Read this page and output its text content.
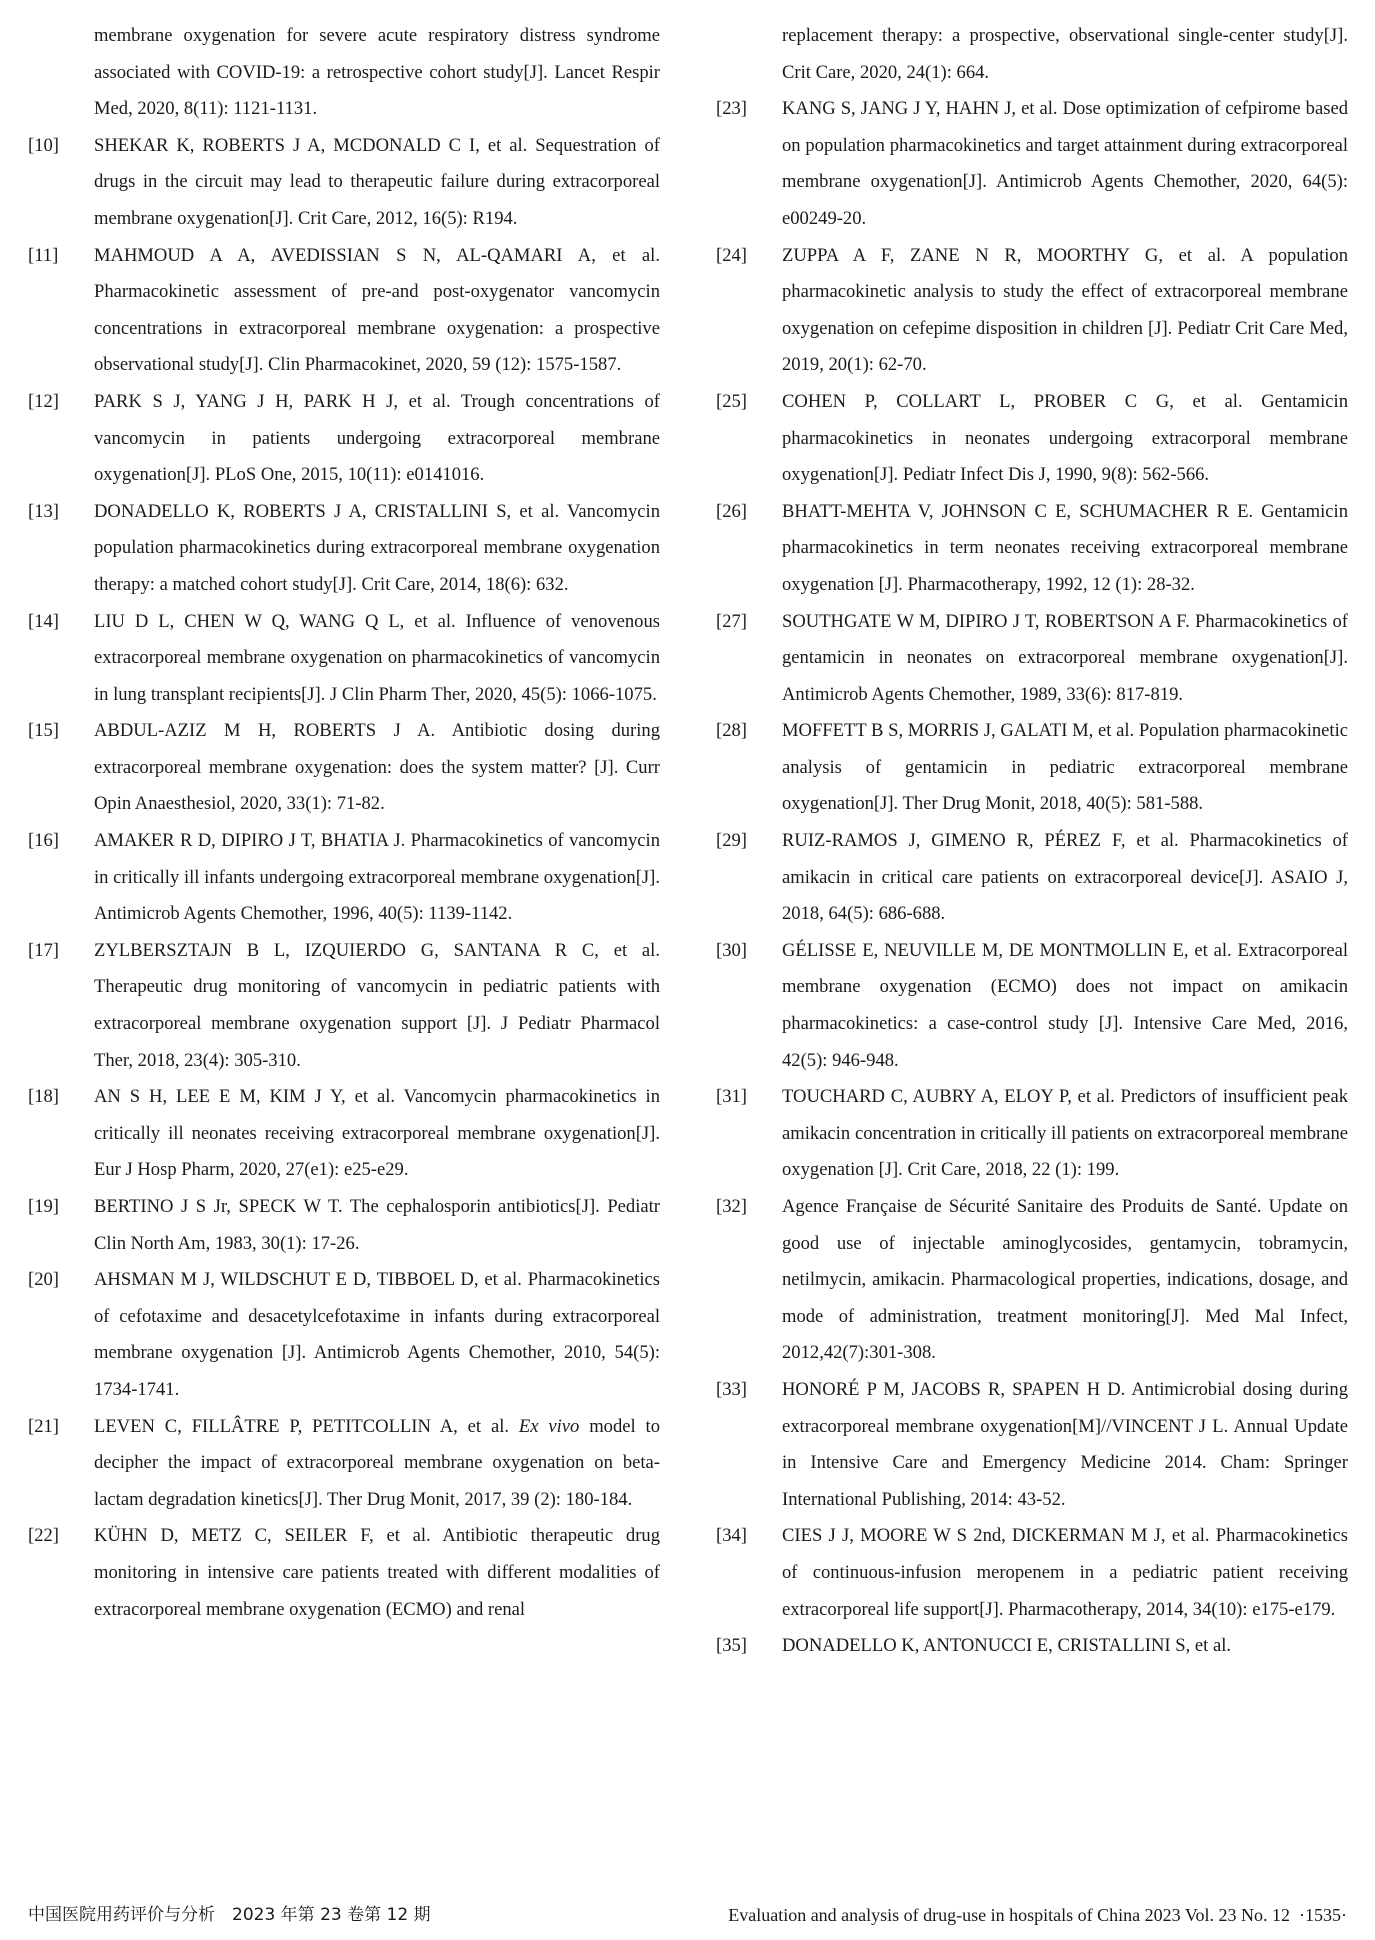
membrane oxygenation for severe acute respiratory distress syndrome associated with COVID-19: a retrospective cohort study[J]. Lancet Respir Med, 2020, 8(11): 1121-1131.
[10]	SHEKAR K, ROBERTS J A, MCDONALD C I, et al. Sequestration of drugs in the circuit may lead to therapeutic failure during extracorporeal membrane oxygenation[J]. Crit Care, 2012, 16(5): R194.
[11]	MAHMOUD A A, AVEDISSIAN S N, AL-QAMARI A, et al. Pharmacokinetic assessment of pre-and post-oxygenator vancomycin concentrations in extracorporeal membrane oxygenation: a prospective observational study[J]. Clin Pharmacokinet, 2020, 59 (12): 1575-1587.
[12]	PARK S J, YANG J H, PARK H J, et al. Trough concentrations of vancomycin in patients undergoing extracorporeal membrane oxygenation[J]. PLoS One, 2015, 10(11): e0141016.
[13]	DONADELLO K, ROBERTS J A, CRISTALLINI S, et al. Vancomycin population pharmacokinetics during extracorporeal membrane oxygenation therapy: a matched cohort study[J]. Crit Care, 2014, 18(6): 632.
[14]	LIU D L, CHEN W Q, WANG Q L, et al. Influence of venovenous extracorporeal membrane oxygenation on pharmacokinetics of vancomycin in lung transplant recipients[J]. J Clin Pharm Ther, 2020, 45(5): 1066-1075.
[15]	ABDUL-AZIZ M H, ROBERTS J A. Antibiotic dosing during extracorporeal membrane oxygenation: does the system matter? [J]. Curr Opin Anaesthesiol, 2020, 33(1): 71-82.
[16]	AMAKER R D, DIPIRO J T, BHATIA J. Pharmacokinetics of vancomycin in critically ill infants undergoing extracorporeal membrane oxygenation[J]. Antimicrob Agents Chemother, 1996, 40(5): 1139-1142.
[17]	ZYLBERSZTAJN B L, IZQUIERDO G, SANTANA R C, et al. Therapeutic drug monitoring of vancomycin in pediatric patients with extracorporeal membrane oxygenation support [J]. J Pediatr Pharmacol Ther, 2018, 23(4): 305-310.
[18]	AN S H, LEE E M, KIM J Y, et al. Vancomycin pharmacokinetics in critically ill neonates receiving extracorporeal membrane oxygenation[J]. Eur J Hosp Pharm, 2020, 27(e1): e25-e29.
[19]	BERTINO J S Jr, SPECK W T. The cephalosporin antibiotics[J]. Pediatr Clin North Am, 1983, 30(1): 17-26.
[20]	AHSMAN M J, WILDSCHUT E D, TIBBOEL D, et al. Pharmacokinetics of cefotaxime and desacetylcefotaxime in infants during extracorporeal membrane oxygenation [J]. Antimicrob Agents Chemother, 2010, 54(5): 1734-1741.
[21]	LEVEN C, FILLÂTRE P, PETITCOLLIN A, et al. Ex vivo model to decipher the impact of extracorporeal membrane oxygenation on beta-lactam degradation kinetics[J]. Ther Drug Monit, 2017, 39 (2): 180-184.
[22]	KÜHN D, METZ C, SEILER F, et al. Antibiotic therapeutic drug monitoring in intensive care patients treated with different modalities of extracorporeal membrane oxygenation (ECMO) and renal
replacement therapy: a prospective, observational single-center study[J]. Crit Care, 2020, 24(1): 664.
[23]	KANG S, JANG J Y, HAHN J, et al. Dose optimization of cefpirome based on population pharmacokinetics and target attainment during extracorporeal membrane oxygenation[J]. Antimicrob Agents Chemother, 2020, 64(5): e00249-20.
[24]	ZUPPA A F, ZANE N R, MOORTHY G, et al. A population pharmacokinetic analysis to study the effect of extracorporeal membrane oxygenation on cefepime disposition in children [J]. Pediatr Crit Care Med, 2019, 20(1): 62-70.
[25]	COHEN P, COLLART L, PROBER C G, et al. Gentamicin pharmacokinetics in neonates undergoing extracorporal membrane oxygenation[J]. Pediatr Infect Dis J, 1990, 9(8): 562-566.
[26]	BHATT-MEHTA V, JOHNSON C E, SCHUMACHER R E. Gentamicin pharmacokinetics in term neonates receiving extracorporeal membrane oxygenation [J]. Pharmacotherapy, 1992, 12 (1): 28-32.
[27]	SOUTHGATE W M, DIPIRO J T, ROBERTSON A F. Pharmacokinetics of gentamicin in neonates on extracorporeal membrane oxygenation[J]. Antimicrob Agents Chemother, 1989, 33(6): 817-819.
[28]	MOFFETT B S, MORRIS J, GALATI M, et al. Population pharmacokinetic analysis of gentamicin in pediatric extracorporeal membrane oxygenation[J]. Ther Drug Monit, 2018, 40(5): 581-588.
[29]	RUIZ-RAMOS J, GIMENO R, PÉREZ F, et al. Pharmacokinetics of amikacin in critical care patients on extracorporeal device[J]. ASAIO J, 2018, 64(5): 686-688.
[30]	GÉLISSE E, NEUVILLE M, DE MONTMOLLIN E, et al. Extracorporeal membrane oxygenation (ECMO) does not impact on amikacin pharmacokinetics: a case-control study [J]. Intensive Care Med, 2016, 42(5): 946-948.
[31]	TOUCHARD C, AUBRY A, ELOY P, et al. Predictors of insufficient peak amikacin concentration in critically ill patients on extracorporeal membrane oxygenation [J]. Crit Care, 2018, 22 (1): 199.
[32]	Agence Française de Sécurité Sanitaire des Produits de Santé. Update on good use of injectable aminoglycosides, gentamycin, tobramycin, netilmycin, amikacin. Pharmacological properties, indications, dosage, and mode of administration, treatment monitoring[J]. Med Mal Infect, 2012,42(7):301-308.
[33]	HONORÉ P M, JACOBS R, SPAPEN H D. Antimicrobial dosing during extracorporeal membrane oxygenation[M]//VINCENT J L. Annual Update in Intensive Care and Emergency Medicine 2014. Cham: Springer International Publishing, 2014: 43-52.
[34]	CIES J J, MOORE W S 2nd, DICKERMAN M J, et al. Pharmacokinetics of continuous-infusion meropenem in a pediatric patient receiving extracorporeal life support[J]. Pharmacotherapy, 2014, 34(10): e175-e179.
[35]	DONADELLO K, ANTONUCCI E, CRISTALLINI S, et al.
中国医院用药评价与分析　2023 年第 23 卷第 12 期	Evaluation and analysis of drug-use in hospitals of China 2023 Vol. 23 No. 12 ·1535·
